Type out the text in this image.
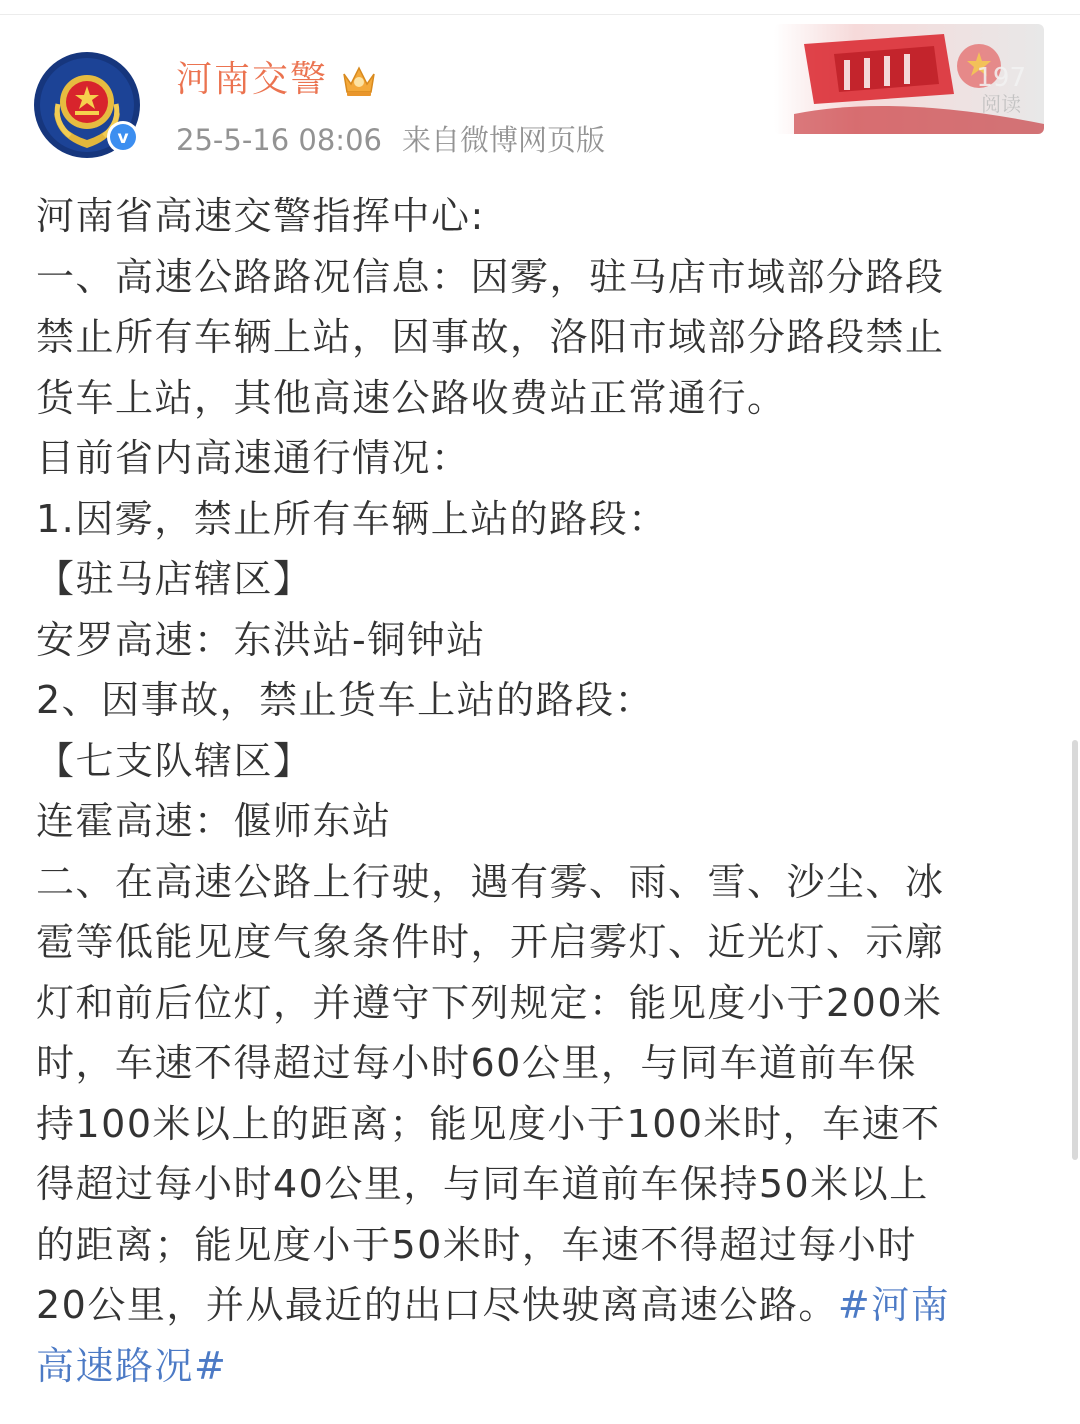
v
河南交警
25-5-16 08:06 来自微博网页版
197
阅读
河南省高速交警指挥中心:
一、高速公路路况信息：因雾，驻马店市域部分路段
禁止所有车辆上站，因事故，洛阳市域部分路段禁止
货车上站，其他高速公路收费站正常通行。
目前省内高速通行情况：
1.因雾，禁止所有车辆上站的路段：
【驻马店辖区】
安罗高速：东洪站-铜钟站
2、因事故，禁止货车上站的路段：
【七支队辖区】
连霍高速：偃师东站
二、在高速公路上行驶，遇有雾、雨、雪、沙尘、冰
雹等低能见度气象条件时，开启雾灯、近光灯、示廓
灯和前后位灯，并遵守下列规定：能见度小于200米
时，车速不得超过每小时60公里，与同车道前车保
持100米以上的距离；能见度小于100米时，车速不
得超过每小时40公里，与同车道前车保持50米以上
的距离；能见度小于50米时，车速不得超过每小时
20公里，并从最近的出口尽快驶离高速公路。#河南
高速路况#
